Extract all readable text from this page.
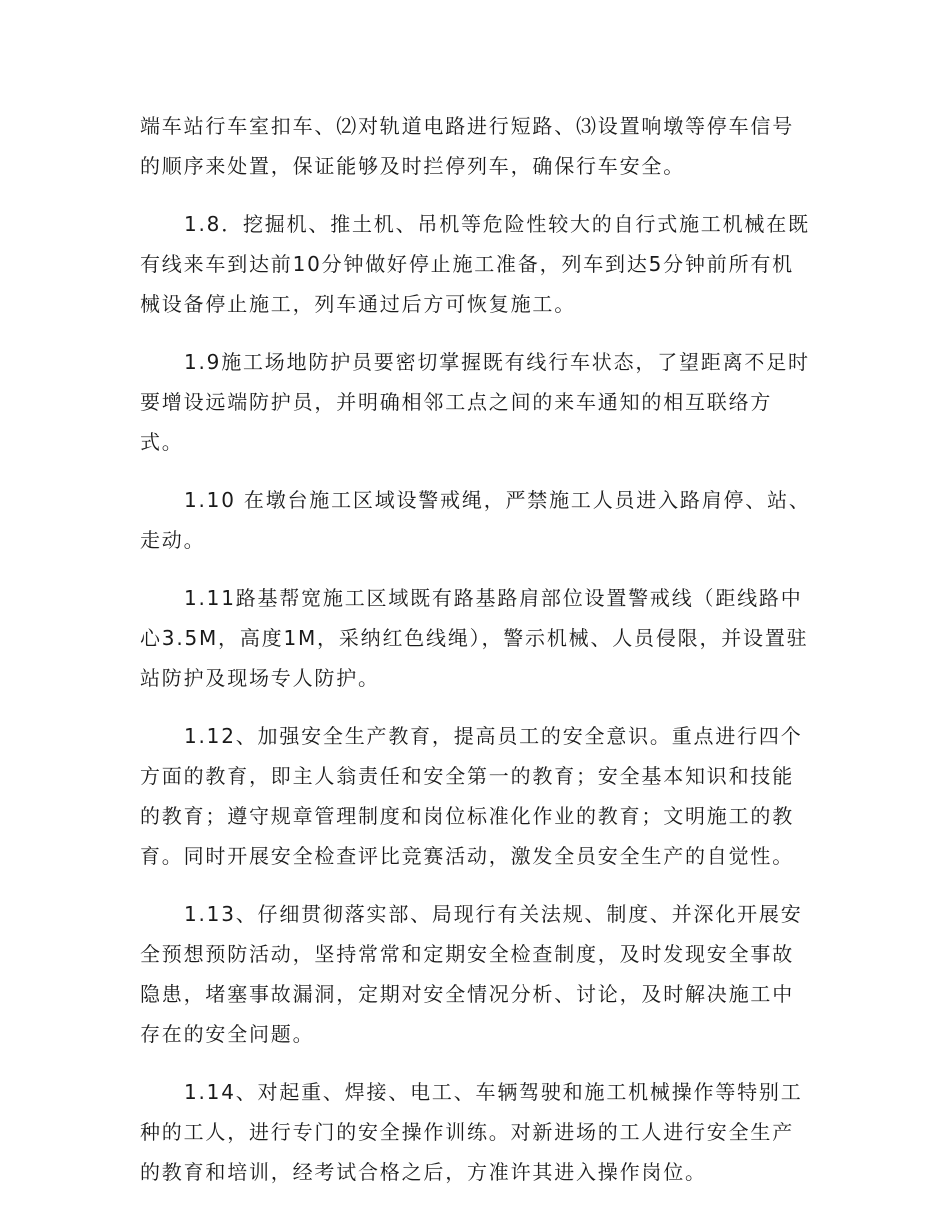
端车站行车室扣车、⑵对轨道电路进行短路、⑶设置响墩等停车信号
的顺序来处置，保证能够及时拦停列车，确保行车安全。

1.8．挖掘机、推土机、吊机等危险性较大的自行式施工机械在既
有线来车到达前10分钟做好停止施工准备，列车到达5分钟前所有机
械设备停止施工，列车通过后方可恢复施工。

1.9施工场地防护员要密切掌握既有线行车状态，了望距离不足时
要增设远端防护员，并明确相邻工点之间的来车通知的相互联络方
式。

1.10 在墩台施工区域设警戒绳，严禁施工人员进入路肩停、站、
走动。

1.11路基帮宽施工区域既有路基路肩部位设置警戒线（距线路中
心3.5M，高度1M，采纳红色线绳），警示机械、人员侵限，并设置驻
站防护及现场专人防护。

1.12、加强安全生产教育，提高员工的安全意识。重点进行四个
方面的教育，即主人翁责任和安全第一的教育；安全基本知识和技能
的教育；遵守规章管理制度和岗位标准化作业的教育；文明施工的教
育。同时开展安全检查评比竞赛活动，激发全员安全生产的自觉性。

1.13、仔细贯彻落实部、局现行有关法规、制度、并深化开展安
全预想预防活动，坚持常常和定期安全检查制度，及时发现安全事故
隐患，堵塞事故漏洞，定期对安全情况分析、讨论，及时解决施工中
存在的安全问题。

1.14、对起重、焊接、电工、车辆驾驶和施工机械操作等特别工
种的工人，进行专门的安全操作训练。对新进场的工人进行安全生产
的教育和培训，经考试合格之后，方准许其进入操作岗位。
